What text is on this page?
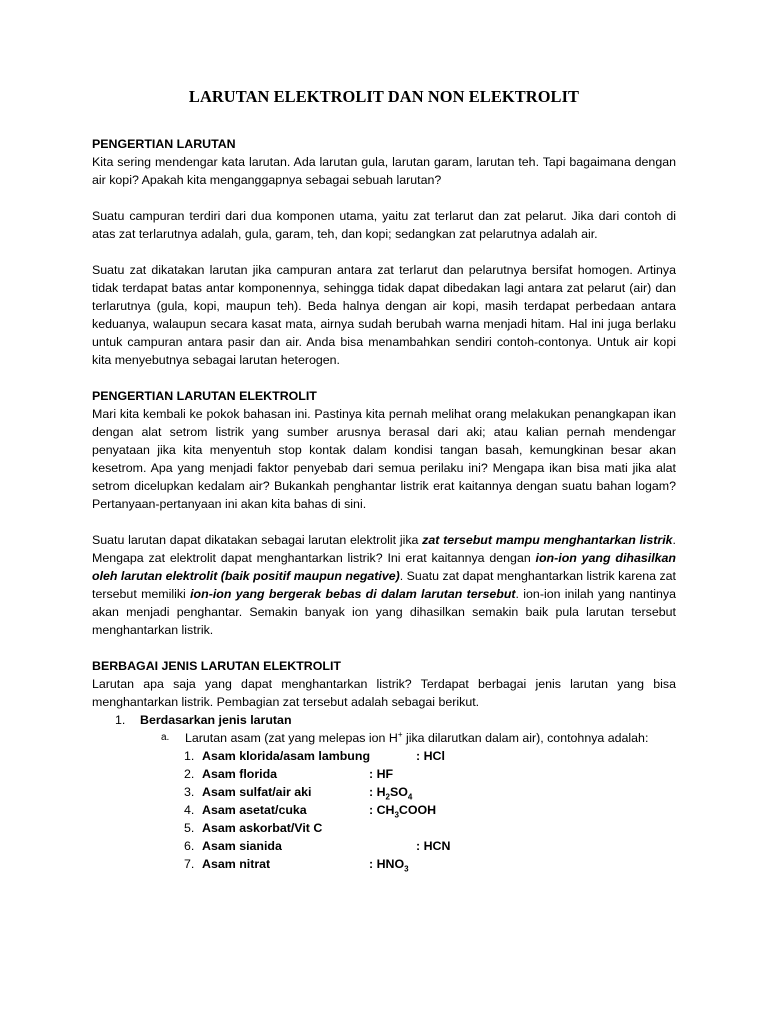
LARUTAN ELEKTROLIT DAN NON ELEKTROLIT
PENGERTIAN LARUTAN

Kita sering mendengar kata larutan. Ada larutan gula, larutan garam, larutan teh. Tapi bagaimana dengan air kopi? Apakah kita menganggapnya sebagai sebuah larutan?

Suatu campuran terdiri dari dua komponen utama, yaitu zat terlarut dan zat pelarut. Jika dari contoh di atas zat terlarutnya adalah, gula, garam, teh, dan kopi; sedangkan zat pelarutnya adalah air.

Suatu zat dikatakan larutan jika campuran antara zat terlarut dan pelarutnya bersifat homogen. Artinya tidak terdapat batas antar komponennya, sehingga tidak dapat dibedakan lagi antara zat pelarut (air) dan terlarutnya (gula, kopi, maupun teh). Beda halnya dengan air kopi, masih terdapat perbedaan antara keduanya, walaupun secara kasat mata, airnya sudah berubah warna menjadi hitam. Hal ini juga berlaku untuk campuran antara pasir dan air. Anda bisa menambahkan sendiri contoh-contonya. Untuk air kopi kita menyebutnya sebagai larutan heterogen.

PENGERTIAN LARUTAN ELEKTROLIT

Mari kita kembali ke pokok bahasan ini. Pastinya kita pernah melihat orang melakukan penangkapan ikan dengan alat setrom listrik yang sumber arusnya berasal dari aki; atau kalian pernah mendengar penyataan jika kita menyentuh stop kontak dalam kondisi tangan basah, kemungkinan besar akan kesetrom. Apa yang menjadi faktor penyebab dari semua perilaku ini? Mengapa ikan bisa mati jika alat setrom dicelupkan kedalam air? Bukankah penghantar listrik erat kaitannya dengan suatu bahan logam? Pertanyaan-pertanyaan ini akan kita bahas di sini.

Suatu larutan dapat dikatakan sebagai larutan elektrolit jika zat tersebut mampu menghantarkan listrik. Mengapa zat elektrolit dapat menghantarkan listrik? Ini erat kaitannya dengan ion-ion yang dihasilkan oleh larutan elektrolit (baik positif maupun negative). Suatu zat dapat menghantarkan listrik karena zat tersebut memiliki ion-ion yang bergerak bebas di dalam larutan tersebut. ion-ion inilah yang nantinya akan menjadi penghantar. Semakin banyak ion yang dihasilkan semakin baik pula larutan tersebut menghantarkan listrik.

BERBAGAI JENIS LARUTAN ELEKTROLIT

Larutan apa saja yang dapat menghantarkan listrik? Terdapat berbagai jenis larutan yang bisa menghantarkan listrik. Pembagian zat tersebut adalah sebagai berikut.

1.	Berdasarkan jenis larutan
a.	Larutan asam (zat yang melepas ion H+ jika dilarutkan dalam air), contohnya adalah:
1. Asam klorida/asam lambung	: HCl
2. Asam florida	: HF
3. Asam sulfat/air aki	: $H_2SO_4$
4. Asam asetat/cuka	: $CH_3COOH$
5. Asam askorbat/Vit C
6. Asam sianida	: HCN
7. Asam nitrat	: $HNO_3$
